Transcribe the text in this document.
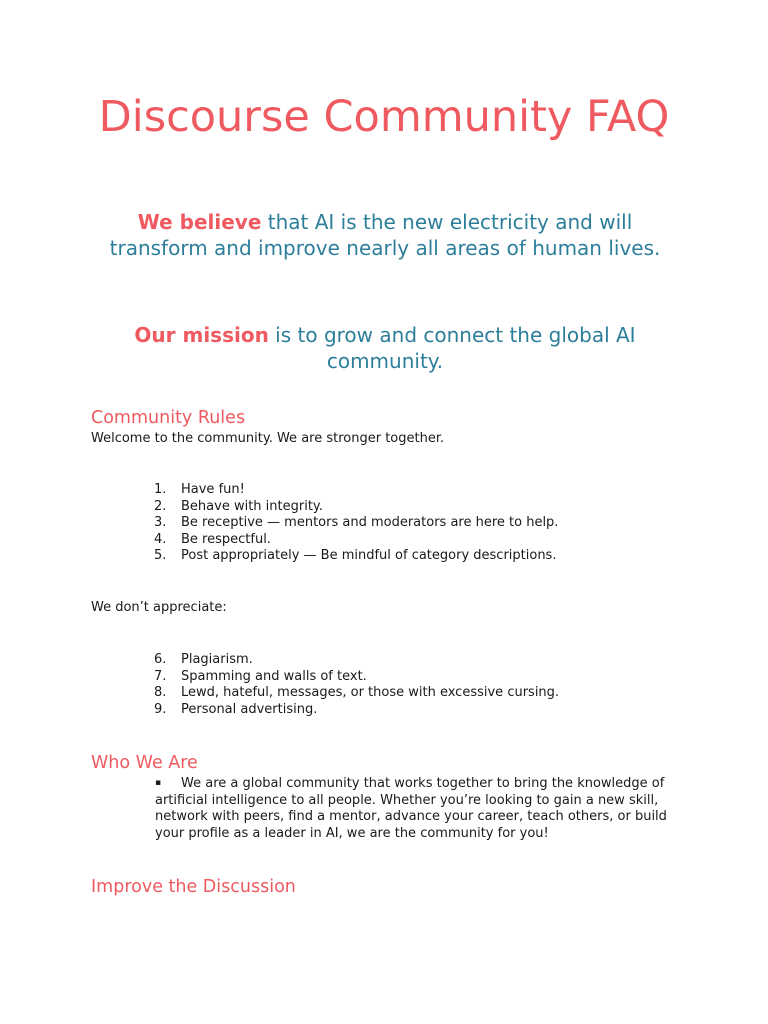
Discourse Community FAQ
We believe that AI is the new electricity and will transform and improve nearly all areas of human lives.
Our mission is to grow and connect the global AI community.
Community Rules
Welcome to the community. We are stronger together.
1.	Have fun!
2.	Behave with integrity.
3.	Be receptive — mentors and moderators are here to help.
4.	Be respectful.
5.	Post appropriately — Be mindful of category descriptions.
We don’t appreciate:
6.	Plagiarism.
7.	Spamming and walls of text.
8.	Lewd, hateful, messages, or those with excessive cursing.
9.	Personal advertising.
Who We Are
▪ We are a global community that works together to bring the knowledge of artificial intelligence to all people. Whether you’re looking to gain a new skill, network with peers, find a mentor, advance your career, teach others, or build your profile as a leader in AI, we are the community for you!
Improve the Discussion
